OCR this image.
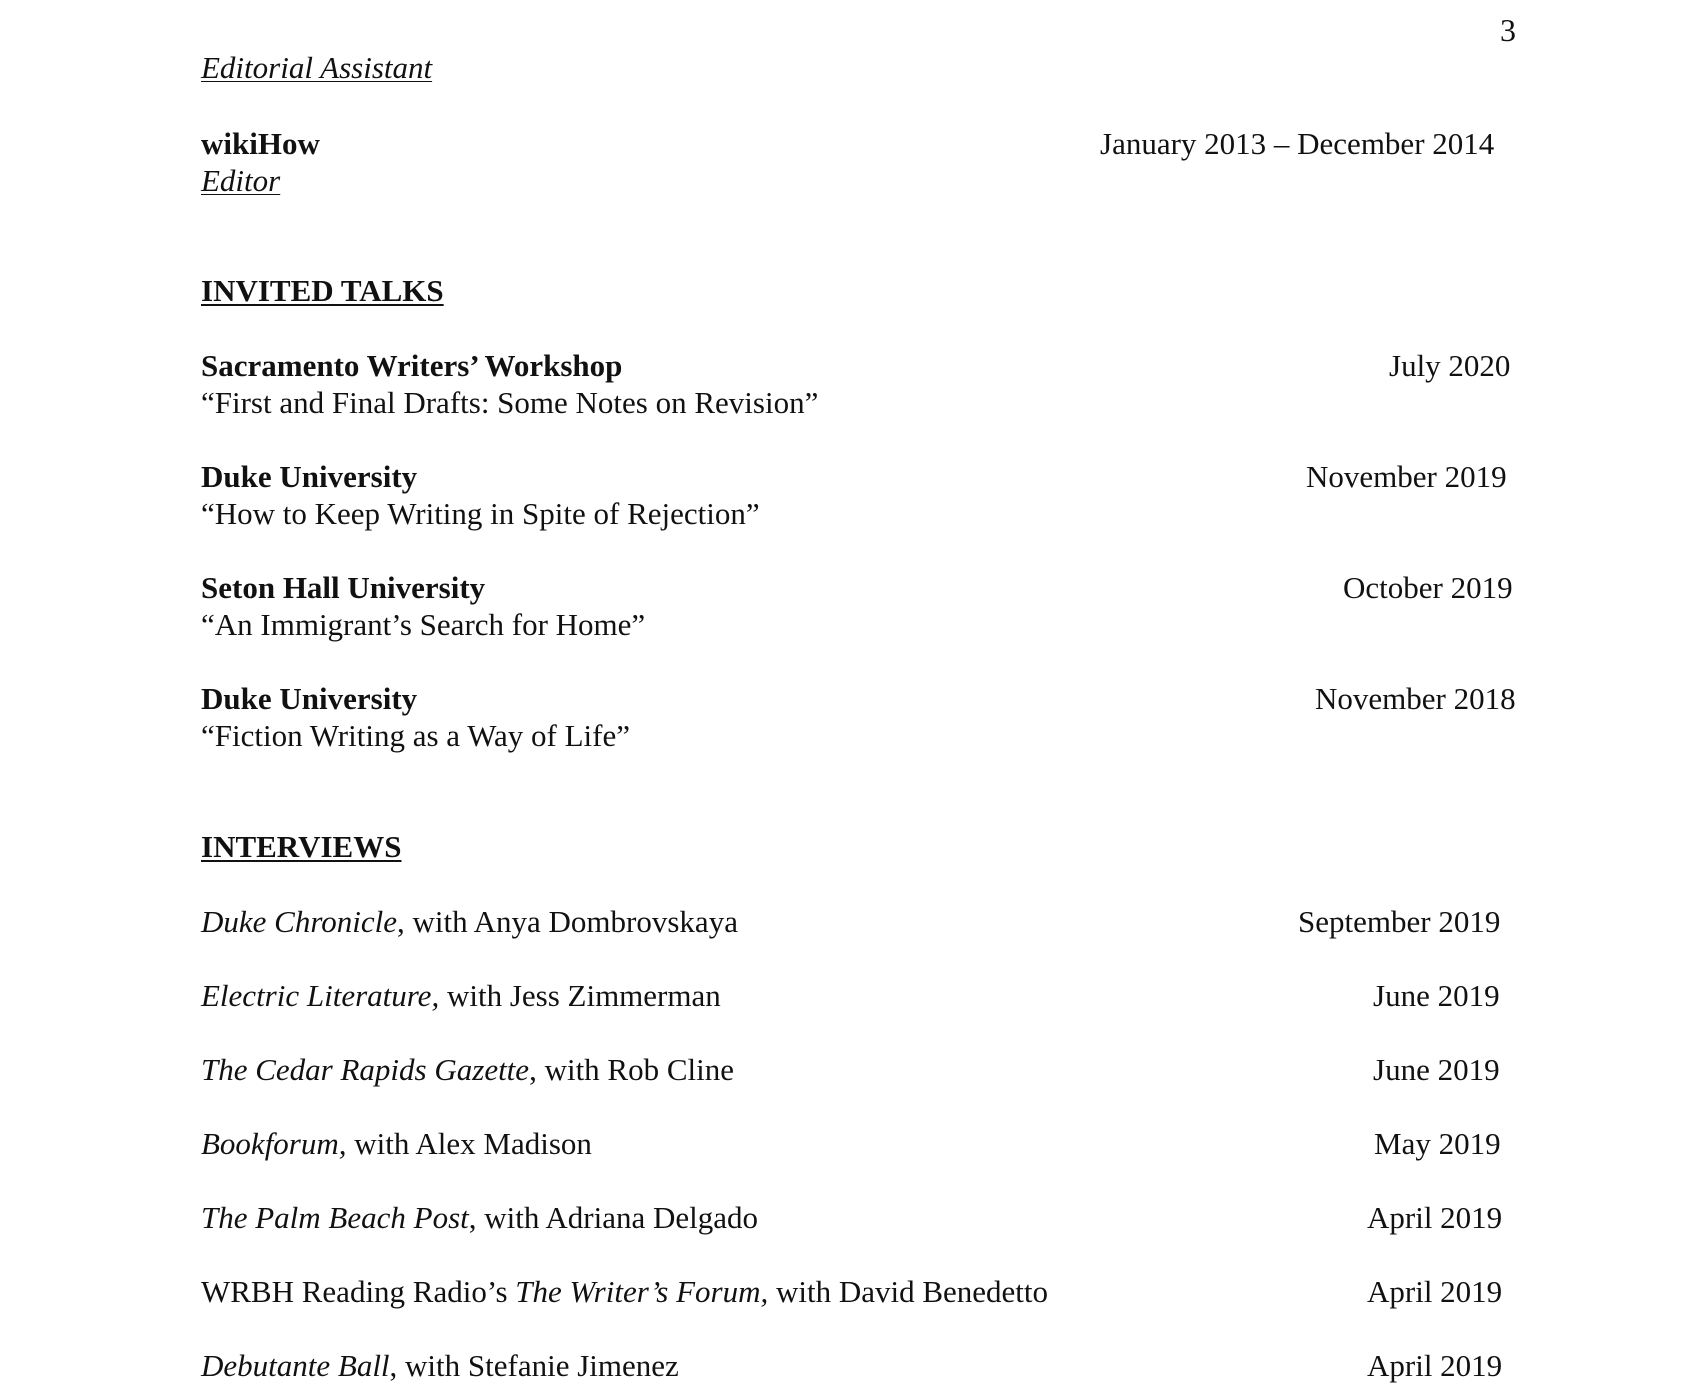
3
Editorial Assistant
wikiHow	January 2013 – December 2014
Editor
INVITED TALKS
Sacramento Writers’ Workshop	July 2020
“First and Final Drafts: Some Notes on Revision”
Duke University	November 2019
“How to Keep Writing in Spite of Rejection”
Seton Hall University	October 2019
“An Immigrant’s Search for Home”
Duke University	November 2018
“Fiction Writing as a Way of Life”
INTERVIEWS
Duke Chronicle, with Anya Dombrovskaya	September 2019
Electric Literature, with Jess Zimmerman	June 2019
The Cedar Rapids Gazette, with Rob Cline	June 2019
Bookforum, with Alex Madison	May 2019
The Palm Beach Post, with Adriana Delgado	April 2019
WRBH Reading Radio’s The Writer’s Forum, with David Benedetto	April 2019
Debutante Ball, with Stefanie Jimenez	April 2019
